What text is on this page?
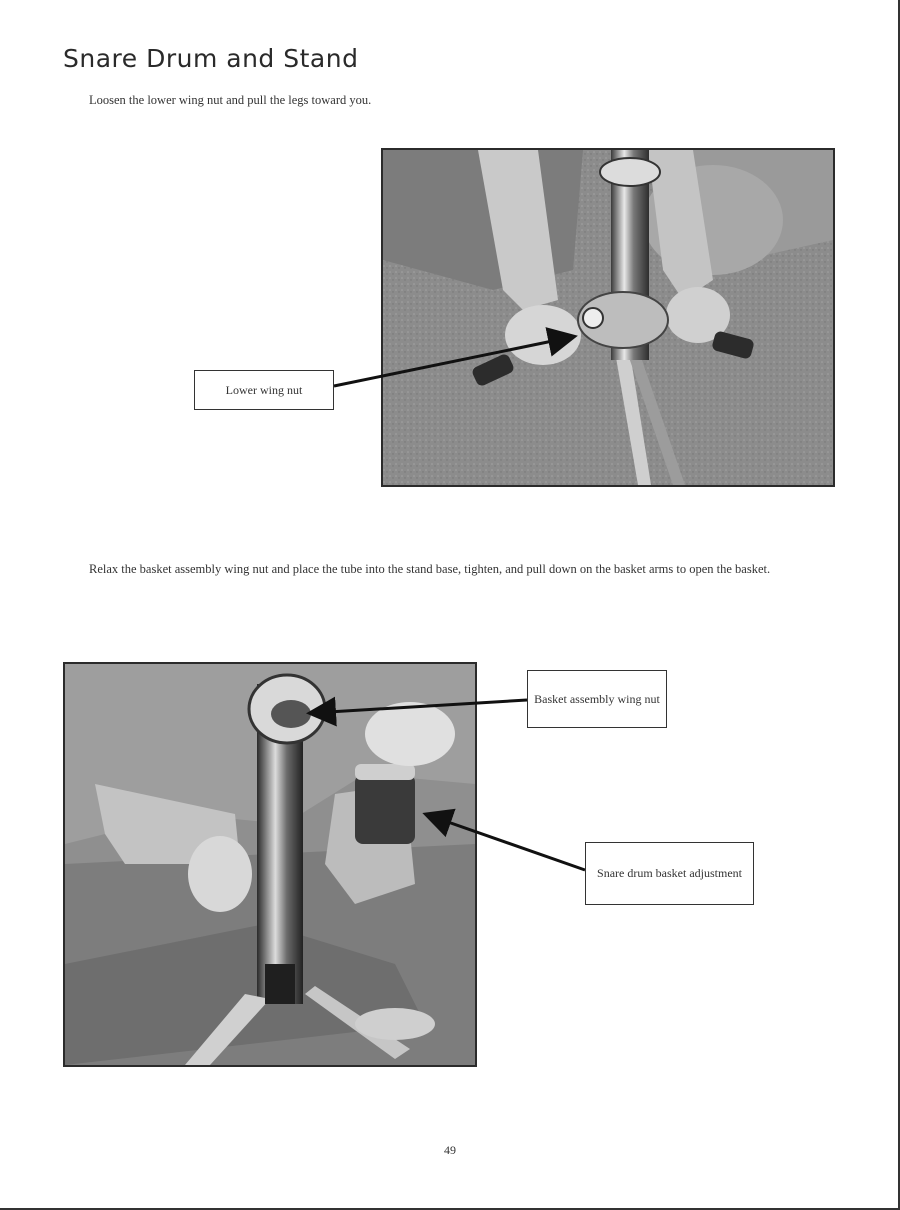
Snare Drum and Stand

Loosen the lower wing nut and pull the legs toward you.

Lower wing nut

Relax the basket assembly wing nut and place the tube into the stand base, tighten, and pull down on the basket arms to open the basket.

Basket assembly wing nut
Snare drum basket adjustment
49
